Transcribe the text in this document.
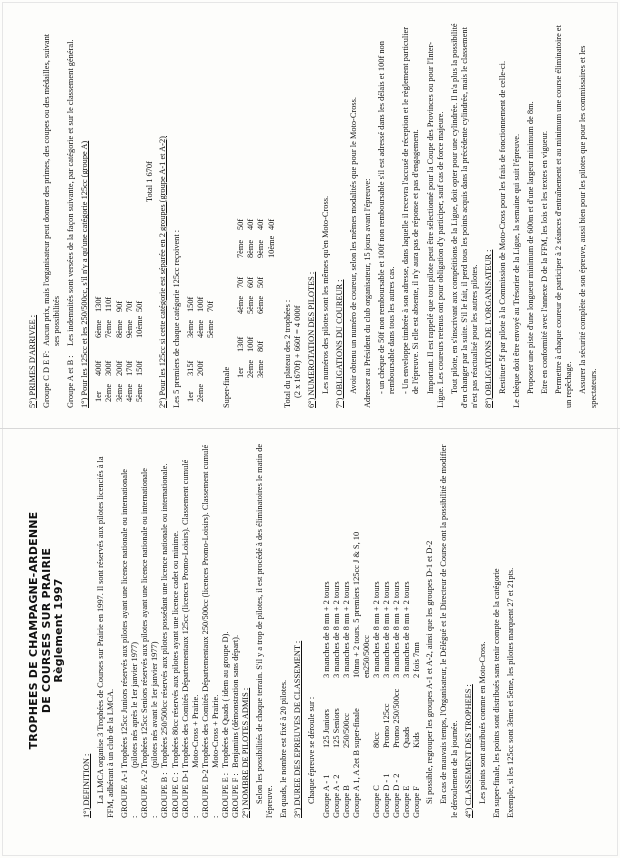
TROPHEES DE CHAMPAGNE-ARDENNE DE COURSES SUR PRAIRIE Règlement 1997

1°) DEFINITION : La LMCA organise 3 Trophées de Courses sur Prairie en 1997. Il sont réservés aux pilotes licenciés à la FFM, adhérant à un club de la LMCA. GROUPE A-1 :
Trophées 125cc Juniors réservés aux pilotes ayant une licence nationale ou internationale (pilotes nés après le 1er janvier 1977)
GROUPE A-2 :
Trophées 125cc Seniors réservés aux pilotes ayant une licence nationale ou internationale (pilotes nés avant le 1er janvier 1977)
GROUPE B :
Trophées 250/500cc réservés aux pilotes possédant une licence nationale ou internationale.
GROUPE C :
Trophées 80cc réservés aux pilotes ayant une licence cadet ou minime.
GROUPE D-1 :
Trophées des Comités Départementaux 125cc (licences Promo-Loisirs). Classement cumulé Moto-Cross + Prairie.
GROUPE D-2 :
Trophées des Comités Départementaux 250/500cc (licences Promo-Loisirs). Classement cumulé Moto-Cross + Prairie.
GROUPE E :
Trophées de Quads ( idem au groupe D).
GROUPE F :
Benjamins (démonstration sans départ). 2°) NOMBRE DE PILOTES ADMIS : Selon les possibilités de chaque terrain. S'il y a trop de pilotes, il est procédé à des éliminatoires le matin de l'épreuve. En quads, le nombre est fixé à 20 pilotes. 3°) DUREE DES EPREUVES DE CLASSEMENT : Chaque épreuve se déroule sur : Groupe A - 1
125 Juniors
3 manches de 8 mn + 2 tours
Groupe A - 2
125 Seniors
3 manches de 8 mn + 2 tours
Groupe B
250/500cc
3 manches de 8 mn + 2 tours
Groupe A 1, A 2et B
super-finale
10mn + 2 tours. 5 premiers 125cc J & S, 10 en250/500cc
Groupe C
80cc
3 manches de 8 mn + 2 tours
Groupe D - 1
Promo 125cc
3 manches de 8 mn + 2 tours
Groupe D - 2
Promo 250/500cc
3 manches de 8 mn + 2 tours
Groupe E
Quads
3 manches de 8 mn + 2 tours
Groupe F
Kids
2 fois 7mn Si possible, regrouper les groupes A-1 et A-2, ainsi que les groupes D-1 et D-2 En cas de mauvais temps, l'Organisateur, le Délégué et le Directeur de Course ont la possibilité de modifier le déroulement de la journée. 4°) CLASSEMENT DES TROPHEES : Les points sont attribués comme en Moto-Cross. En super-finale, les points sont distribués sans tenir compte de la catégorie Exemple, si les 125cc sont 3ème et 5ème, les pilotes marquent 27 et 21pts.

5°) PRIMES D'ARRIVEE : Groupe C D E F:
Aucun prix, mais l'organisateur peut donner des primes, des coupes ou des médailles, suivant ses possibilités
Groupe A et B :
Les indemnités sont versées de la façon suivante, par catégorie et sur le classement général. 1°) Pour les 125cc et les 250/500cc, s'il n'y a qu'une catégorie 125cc (groupe A) 1er
400f
6ème
130f
2ème
300f
7ème
110f
3ème
200f
8ème
90f
4ème
170f
9ème
70f
5ème
150f
10ème
50f
Total 1 670f 2°) Pour les 125cc si cette catégorie est séparée en 2 groupes (groupe A-1 et A-2) Les 5 premiers de chaque catégorie 125cc reçoivent : 1er
315f
3ème
150f
2ème
200f
4ème
100f
5ème
70f

Super-finale 1er
130f
4ème
70f
7ème
50f
2ème
100f
5ème
60f
8ème
40f
3ème
80f
6ème
50f
9ème
40f
10ème
40f

Total du plateau des 2 trophées : (2 x 1670f) + 660f = 4 000f 6°) NUMEROTATION DES PILOTES : Les numéros des pilotes sont les mêmes qu'en Moto-Cross. 7°) OBLIGATIONS DU COUREUR : Avoir obtenu un numéro de coureur, selon les mêmes modalités que pour le Moto-Cross. Adresser au Président du club organisateur, 15 jours avant l'épreuve: - un chèque de 50f non remboursable et 100f non remboursable s'il est adressé dans les délais et 100f non remboursable dans tous les autres cas. - Un enveloppe timbrée à son adresse, dans laquelle il recevra l'accusé de réception et le règlement particulier de l'épreuve. Si elle est absente, il n'y aura pas de réponse et pas d'engagement. Important. Il est rappelé que tout pilote peut être sélectionné pour la Coupe des Provinces ou pour l'Inter-Ligue. Les coureurs retenus ont pour obligation d'y participer, sauf cas de force majeure. Tout pilote, en s'inscrivant aux compétitions de la Ligue, doit opter pour une cylindrée. Il n'a plus la possibilité d'en changer par la suite. S'il le fait, il perd tous les points acquis dans la précédente cylindrée, mais le classement n'est pas réactualisé pour les autres pilotes. 8°) OBLIGATIONS DE L'ORGANISATEUR : Restituer 5f par pilote à la Commission de Moto-Cross pour les frais de fonctionnement de celle-ci. Le chèque doit être envoyé au Trésorier de la Ligue, la semaine qui suit l'épreuve. Proposer une piste d'une longueur minimum de 600m et d'une largeur minimum de 8m. Etre en conformité avec l'annexe D de la FFM, les lois et les textes en vigueur. Permettre à chaque coureur de participer à 2 séances d'entraînement et au minimum une course éliminatoire et un repêchage. Assurer la sécurité complète de son épreuve, aussi bien pour les pilotes que pour les commissaires et les spectateurs.
